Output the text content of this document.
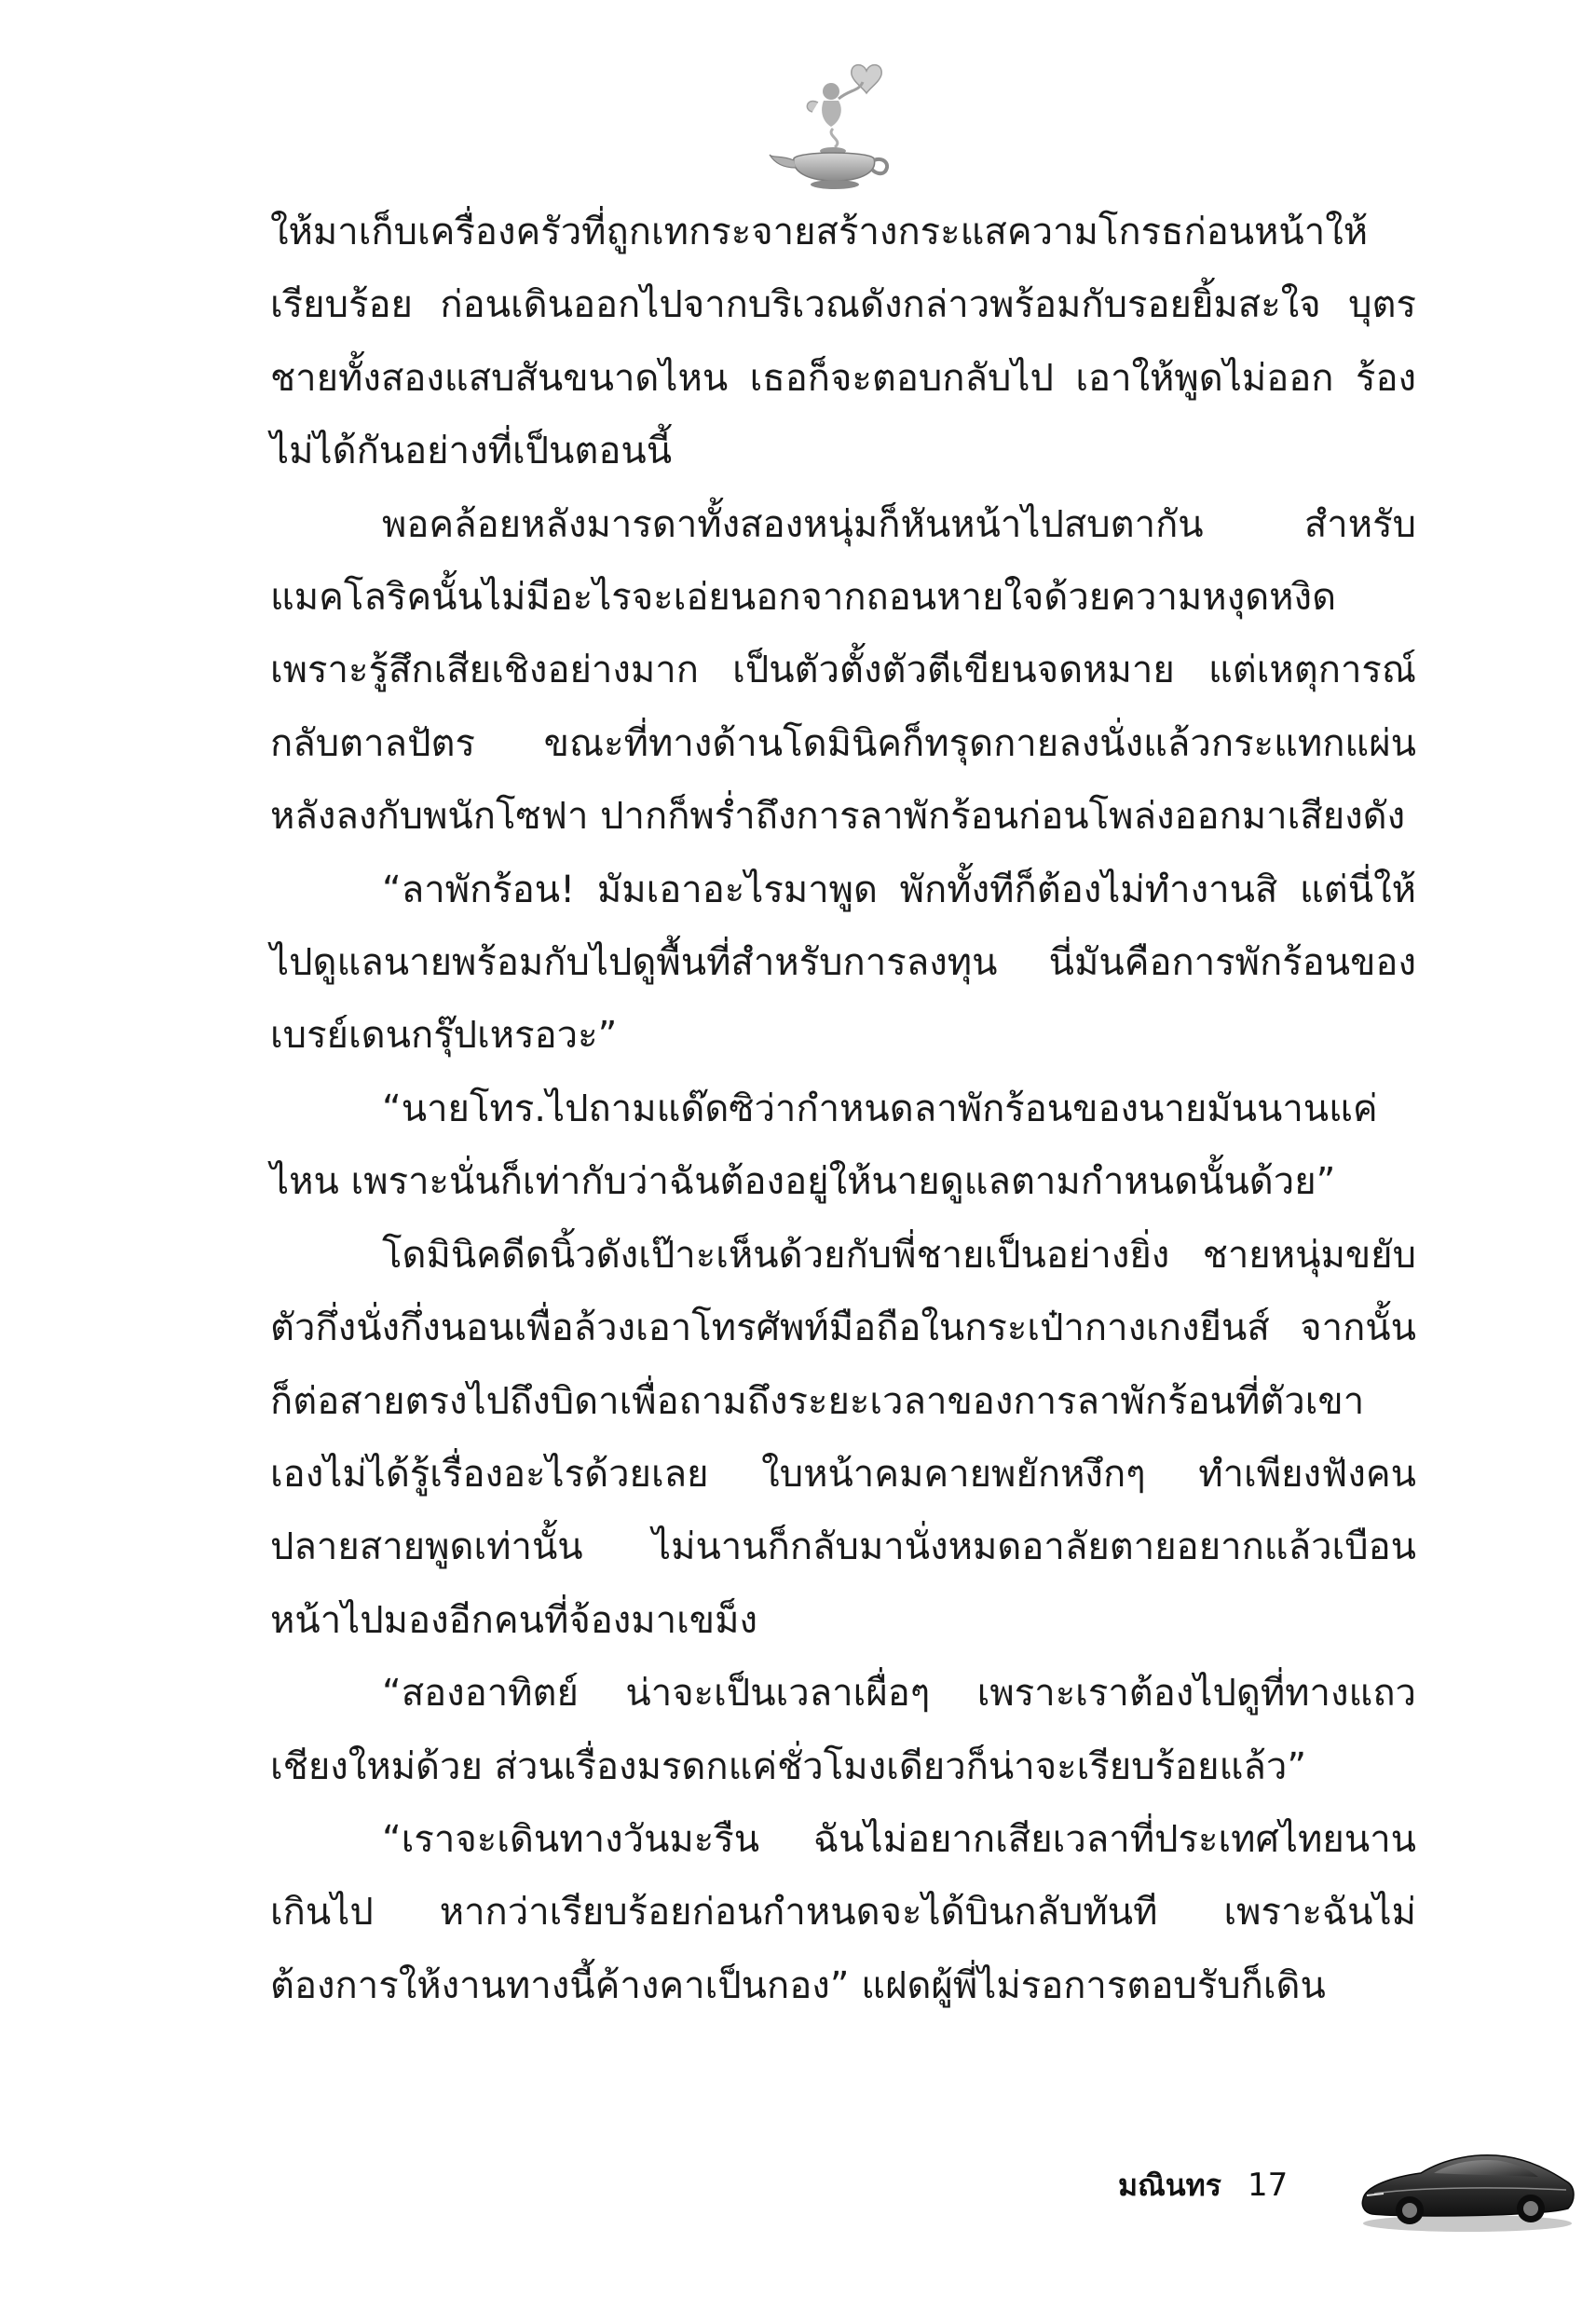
ให้มาเก็บเครื่องครัวที่ถูกเทกระจายสร้างกระแสความโกรธก่อนหน้าให้เรียบร้อย ก่อนเดินออกไปจากบริเวณดังกล่าวพร้อมกับรอยยิ้มสะใจ บุตรชายทั้งสองแสบสันขนาดไหน เธอก็จะตอบกลับไป เอาให้พูดไม่ออก ร้องไม่ได้กันอย่างที่เป็นตอนนี้

พอคล้อยหลังมารดาทั้งสองหนุ่มก็หันหน้าไปสบตากัน สำหรับแมคโลริคนั้นไม่มีอะไรจะเอ่ยนอกจากถอนหายใจด้วยความหงุดหงิดเพราะรู้สึกเสียเชิงอย่างมาก เป็นตัวตั้งตัวตีเขียนจดหมาย แต่เหตุการณ์กลับตาลปัตร ขณะที่ทางด้านโดมินิคก็ทรุดกายลงนั่งแล้วกระแทกแผ่นหลังลงกับพนักโซฟา ปากก็พร่ำถึงการลาพักร้อนก่อนโพล่งออกมาเสียงดัง

“ลาพักร้อน! มัมเอาอะไรมาพูด พักทั้งทีก็ต้องไม่ทำงานสิ แต่นี่ให้ไปดูแลนายพร้อมกับไปดูพื้นที่สำหรับการลงทุน นี่มันคือการพักร้อนของเบรย์เดนกรุ๊ปเหรอวะ”

“นายโทร.ไปถามแด๊ดซิว่ากำหนดลาพักร้อนของนายมันนานแค่ไหน เพราะนั่นก็เท่ากับว่าฉันต้องอยู่ให้นายดูแลตามกำหนดนั้นด้วย”

โดมินิคดีดนิ้วดังเป๊าะเห็นด้วยกับพี่ชายเป็นอย่างยิ่ง ชายหนุ่มขยับตัวกึ่งนั่งกึ่งนอนเพื่อล้วงเอาโทรศัพท์มือถือในกระเป๋ากางเกงยีนส์ จากนั้นก็ต่อสายตรงไปถึงบิดาเพื่อถามถึงระยะเวลาของการลาพักร้อนที่ตัวเขาเองไม่ได้รู้เรื่องอะไรด้วยเลย ใบหน้าคมคายพยักหงึกๆ ทำเพียงฟังคนปลายสายพูดเท่านั้น ไม่นานก็กลับมานั่งหมดอาลัยตายอยากแล้วเบือนหน้าไปมองอีกคนที่จ้องมาเขม็ง

“สองอาทิตย์ น่าจะเป็นเวลาเผื่อๆ เพราะเราต้องไปดูที่ทางแถวเชียงใหม่ด้วย ส่วนเรื่องมรดกแค่ชั่วโมงเดียวก็น่าจะเรียบร้อยแล้ว”

“เราจะเดินทางวันมะรืน ฉันไม่อยากเสียเวลาที่ประเทศไทยนานเกินไป หากว่าเรียบร้อยก่อนกำหนดจะได้บินกลับทันที เพราะฉันไม่ต้องการให้งานทางนี้ค้างคาเป็นกอง” แฝดผู้พี่ไม่รอการตอบรับก็เดิน

มณินทร 17
